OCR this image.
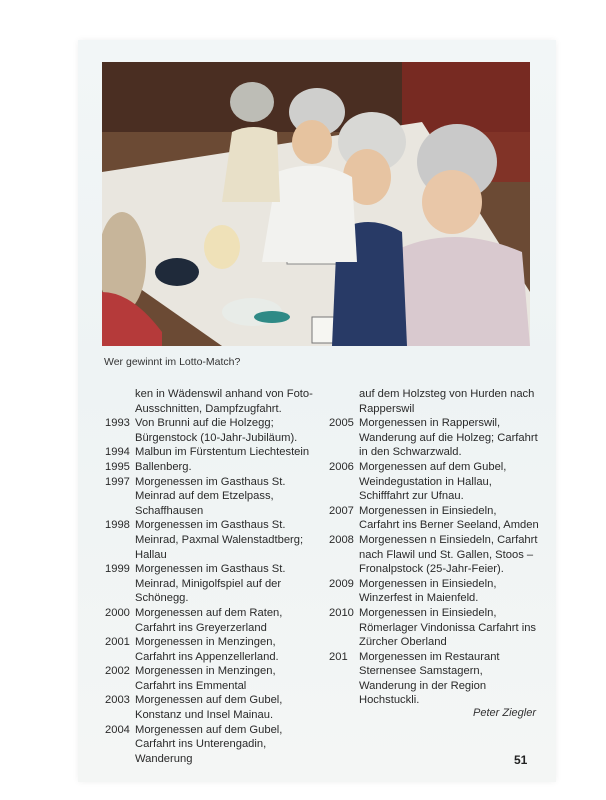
Wer gewinnt im Lotto-Match?
ken in Wädenswil anhand von Foto-Ausschnitten, Dampfzugfahrt.
1993 Von Brunni auf die Holzegg; Bürgenstock (10-Jahr-Jubiläum).
1994 Malbun im Fürstentum Liechtestein
1995 Ballenberg.
1997 Morgenessen im Gasthaus St. Meinrad auf dem Etzelpass, Schaffhausen
1998 Morgenessen im Gasthaus St. Meinrad, Paxmal Walenstadtberg; Hallau
1999 Morgenessen im Gasthaus St. Meinrad, Minigolfspiel auf der Schönegg.
2000 Morgenessen auf dem Raten, Carfahrt ins Greyerzerland
2001 Morgenessen in Menzingen, Carfahrt ins Appenzellerland.
2002 Morgenessen in Menzingen, Carfahrt ins Emmental
2003 Morgenessen auf dem Gubel, Konstanz und Insel Mainau.
2004 Morgenessen auf dem Gubel, Carfahrt ins Unterengadin, Wanderung
auf dem Holzsteg von Hurden nach Rapperswil
2005 Morgenessen in Rapperswil, Wanderung auf die Holzeg; Carfahrt in den Schwarzwald.
2006 Morgenessen auf dem Gubel, Weindegustation in Hallau, Schifffahrt zur Ufnau.
2007 Morgenessen in Einsiedeln, Carfahrt ins Berner Seeland, Amden
2008 Morgenessen n Einsiedeln, Carfahrt nach Flawil und St. Gallen, Stoos – Fronalpstock (25-Jahr-Feier).
2009 Morgenessen in Einsiedeln, Winzerfest in Maienfeld.
2010 Morgenessen in Einsiedeln, Römerlager Vindonissa Carfahrt ins Zürcher Oberland
201	Morgenessen im Restaurant Sternensee Samstagern, Wanderung in der Region Hochstuckli.
Peter Ziegler
51
